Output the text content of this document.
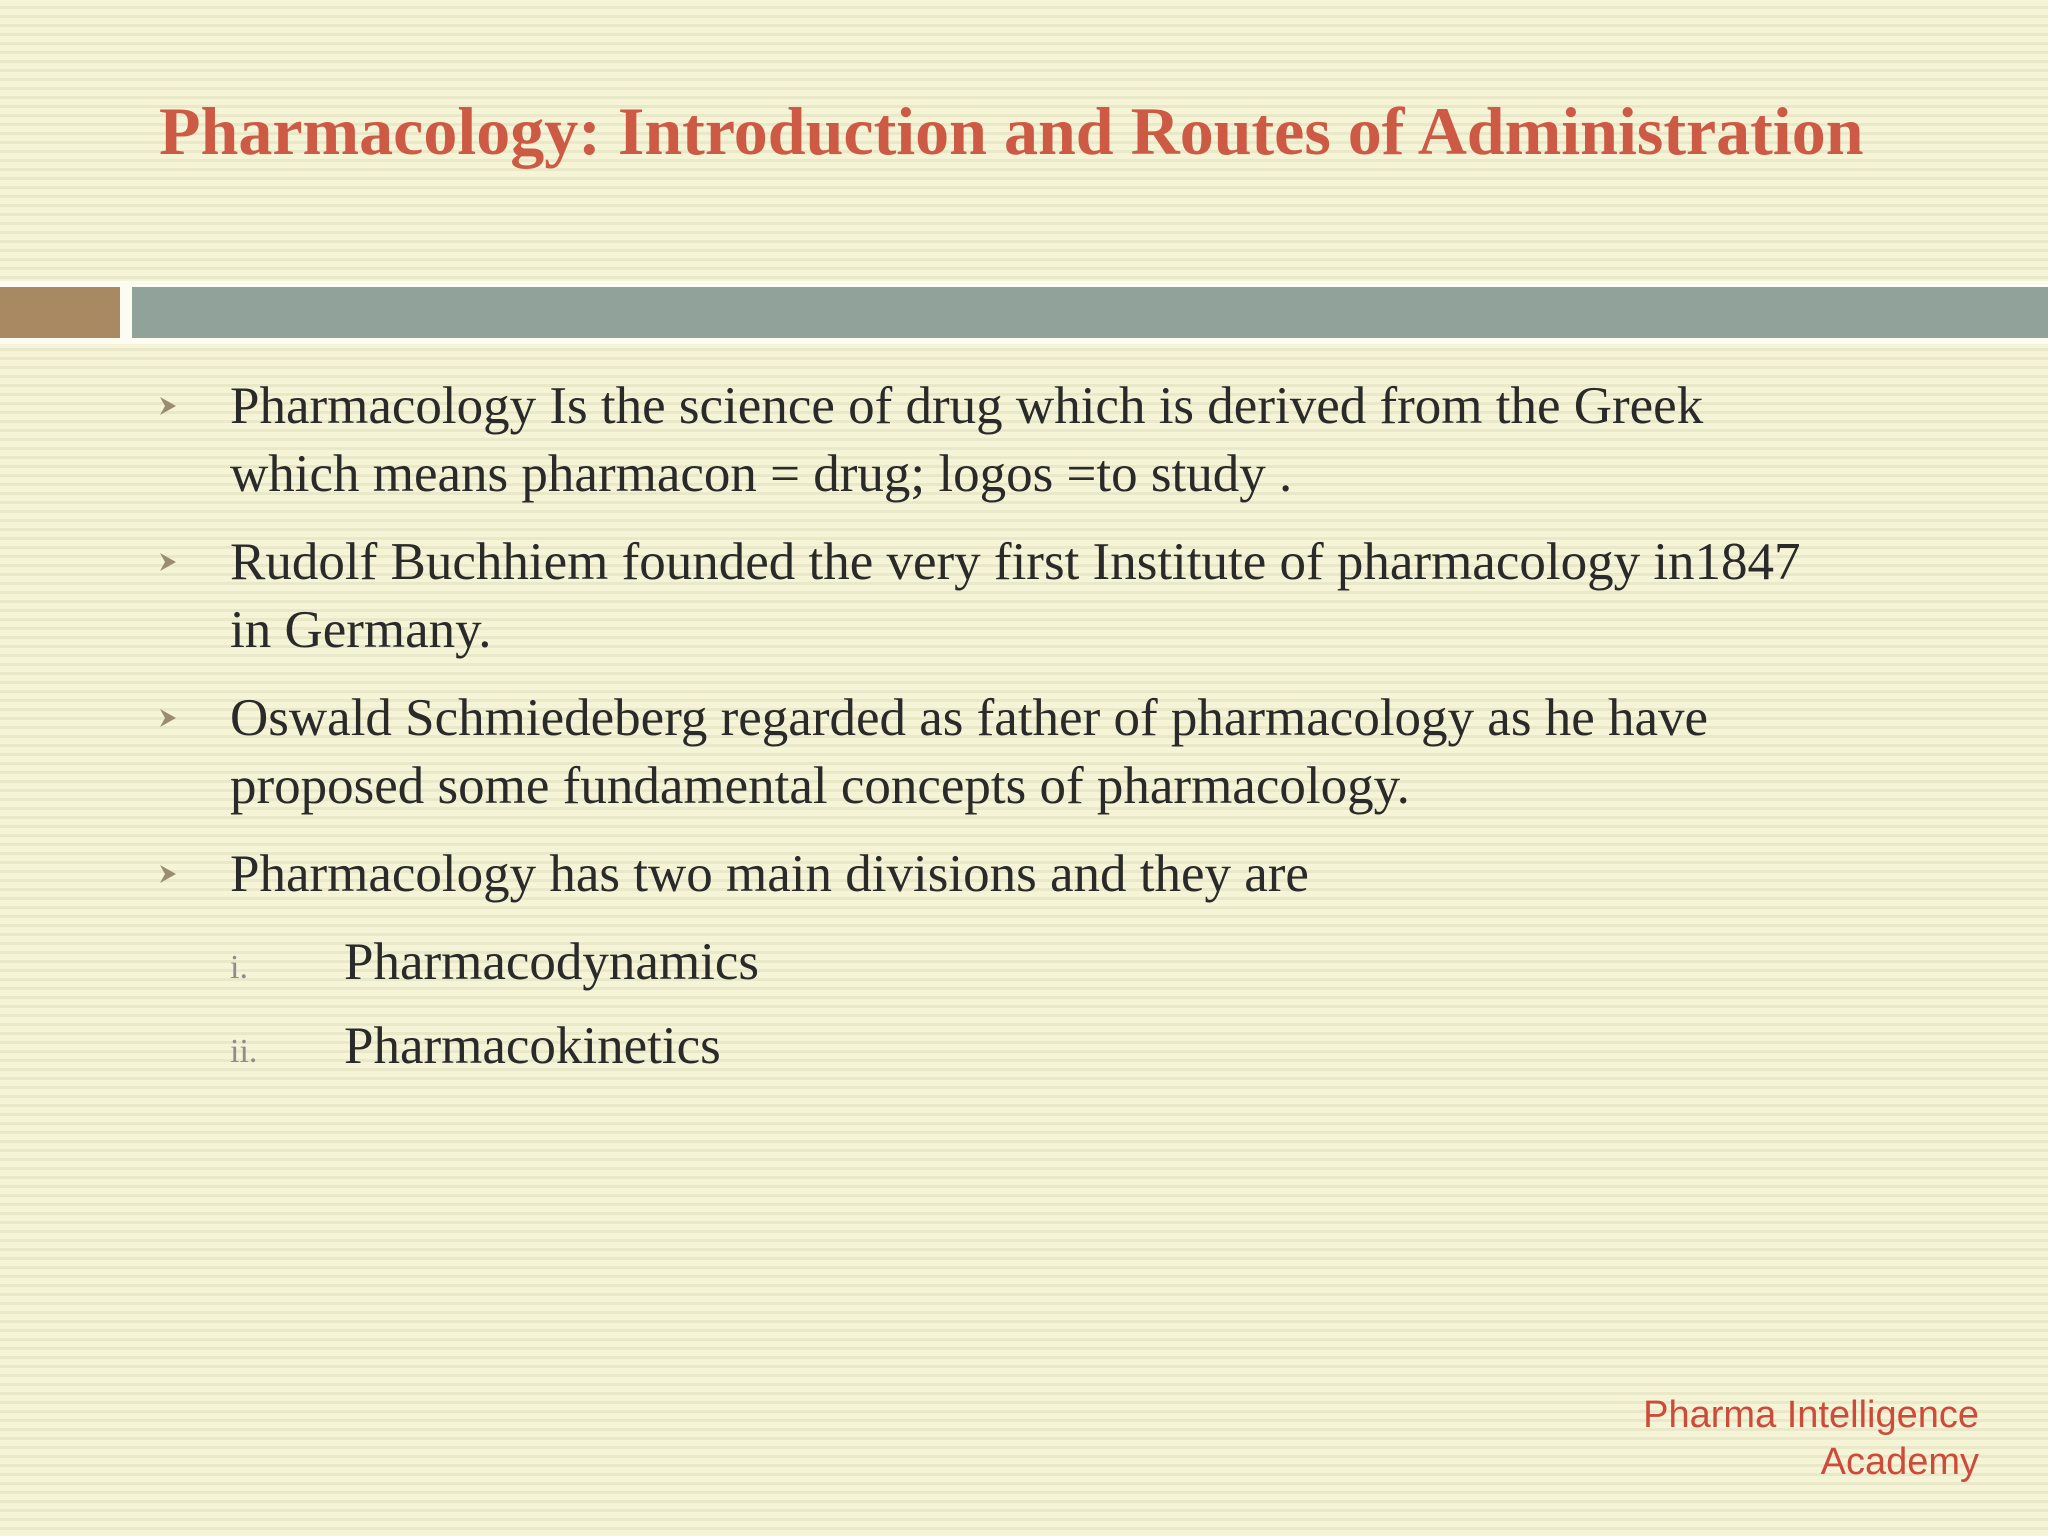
Pharmacology: Introduction and Routes of Administration
Pharmacology Is the science of drug which is derived from the Greek
which means pharmacon = drug; logos =to study .
Rudolf Buchhiem founded the very first Institute of pharmacology in1847
in Germany.
Oswald Schmiedeberg regarded as father of pharmacology as he have
proposed some fundamental concepts of pharmacology.
Pharmacology has two main divisions and they are
i. Pharmacodynamics
ii. Pharmacokinetics
Pharma Intelligence
Academy
